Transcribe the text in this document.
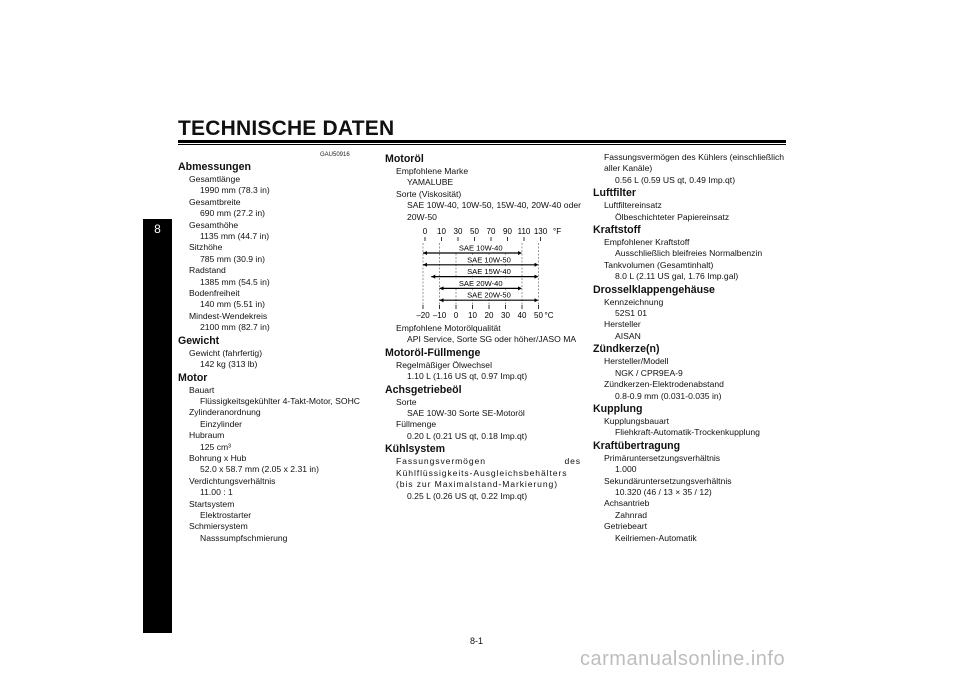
TECHNISCHE DATEN
8
GAU50916
Abmessungen
Gesamtlänge
1990 mm (78.3 in)
Gesamtbreite
690 mm (27.2 in)
Gesamthöhe
1135 mm (44.7 in)
Sitzhöhe
785 mm (30.9 in)
Radstand
1385 mm (54.5 in)
Bodenfreiheit
140 mm (5.51 in)
Mindest-Wendekreis
2100 mm (82.7 in)
Gewicht
Gewicht (fahrfertig)
142 kg (313 lb)
Motor
Bauart
Flüssigkeitsgekühlter 4-Takt-Motor, SOHC
Zylinderanordnung
Einzylinder
Hubraum
125 cm³
Bohrung x Hub
52.0 x 58.7 mm (2.05 x 2.31 in)
Verdichtungsverhältnis
11.00 : 1
Startsystem
Elektrostarter
Schmiersystem
Nasssumpfschmierung
Motoröl
Empfohlene Marke
YAMALUBE
Sorte (Viskosität)
SAE 10W-40, 10W-50, 15W-40, 20W-40 oder 20W-50
0 10 30 50 70 90 110 130 °F
SAE 10W-40
SAE 10W-50
SAE 15W-40
SAE 20W-40
SAE 20W-50
–20 –10 0 10 20 30 40 50 °C
Empfohlene Motorölqualität
API Service, Sorte SG oder höher/JASO MA
Motoröl-Füllmenge
Regelmäßiger Ölwechsel
1.10 L (1.16 US qt, 0.97 Imp.qt)
Achsgetriebeöl
Sorte
SAE 10W-30 Sorte SE-Motoröl
Füllmenge
0.20 L (0.21 US qt, 0.18 Imp.qt)
Kühlsystem
Fassungsvermögen des Kühlflüssigkeits-Ausgleichsbehälters (bis zur Maximalstand-Markierung)
0.25 L (0.26 US qt, 0.22 Imp.qt)
Fassungsvermögen des Kühlers (einschließlich aller Kanäle)
0.56 L (0.59 US qt, 0.49 Imp.qt)
Luftfilter
Luftfiltereinsatz
Ölbeschichteter Papiereinsatz
Kraftstoff
Empfohlener Kraftstoff
Ausschließlich bleifreies Normalbenzin
Tankvolumen (Gesamtinhalt)
8.0 L (2.11 US gal, 1.76 Imp.gal)
Drosselklappengehäuse
Kennzeichnung
52S1 01
Hersteller
AISAN
Zündkerze(n)
Hersteller/Modell
NGK / CPR9EA-9
Zündkerzen-Elektrodenabstand
0.8-0.9 mm (0.031-0.035 in)
Kupplung
Kupplungsbauart
Fliehkraft-Automatik-Trockenkupplung
Kraftübertragung
Primäruntersetzungsverhältnis
1.000
Sekundäruntersetzungsverhältnis
10.320 (46 / 13 × 35 / 12)
Achsantrieb
Zahnrad
Getriebeart
Keilriemen-Automatik
8-1
carmanualsonline.info
